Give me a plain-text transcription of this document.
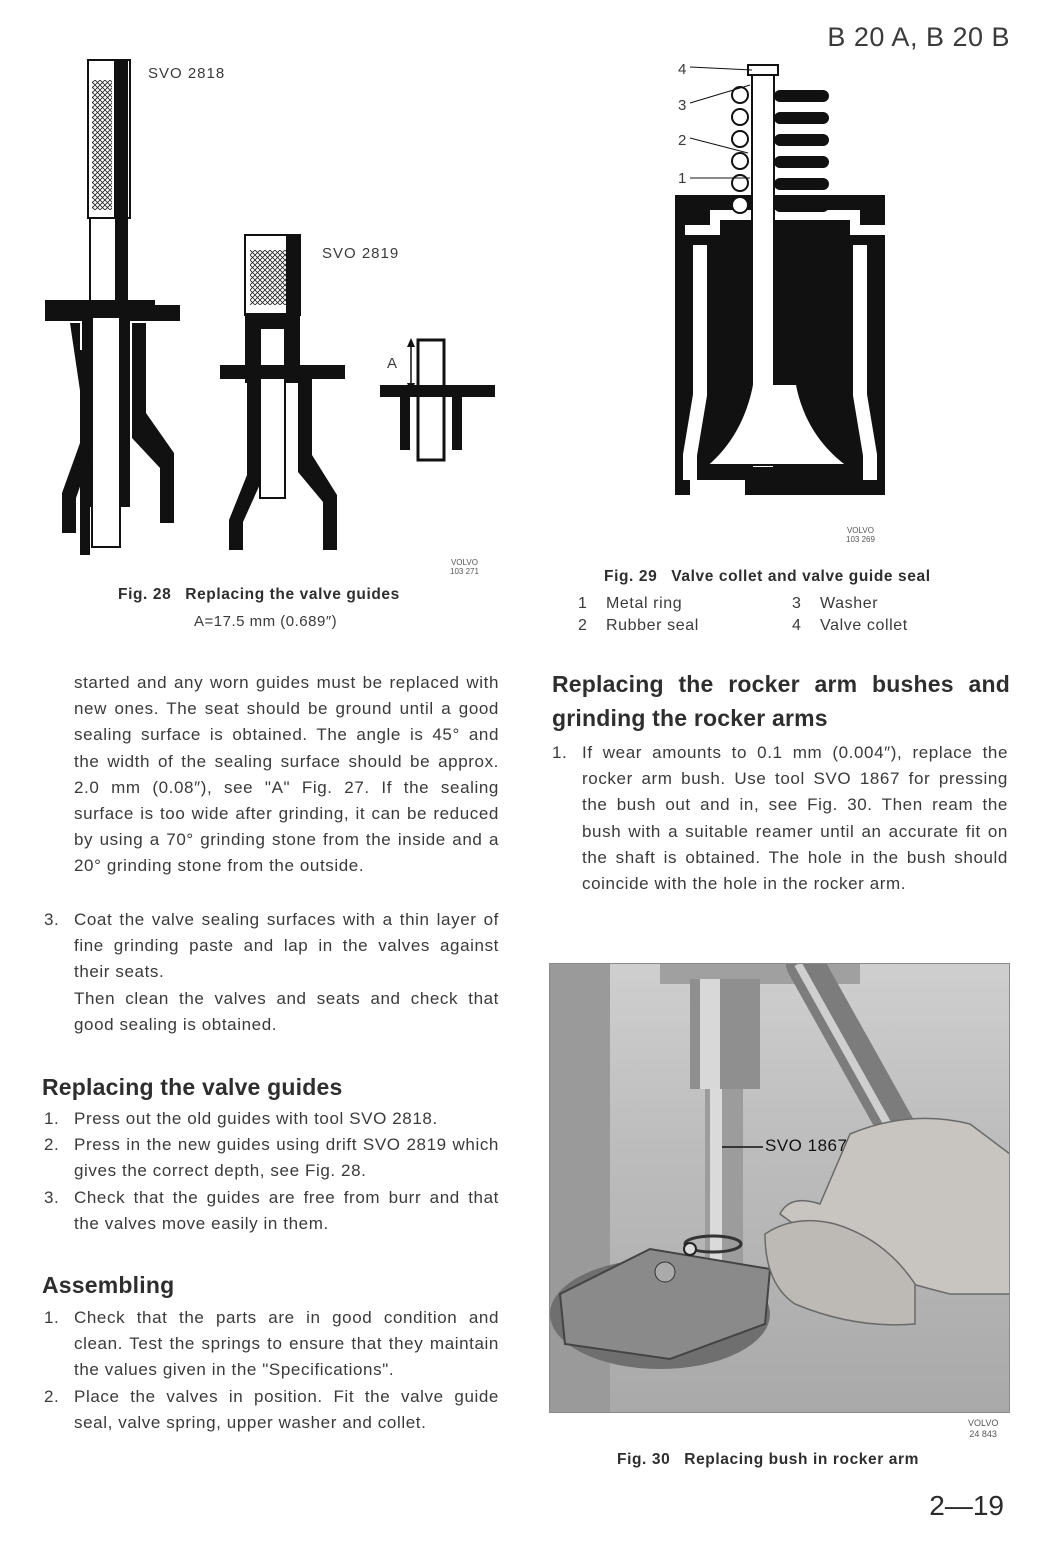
B 20 A, B 20 B
SVO 2818
SVO 2819
A
VOLVO
103 271
Fig. 28 Replacing the valve guides
A=17.5 mm (0.689″)
4
3
2
1
VOLVO
103 269
Fig. 29 Valve collet and valve guide seal
1	Metal ring	3	Washer
2	Rubber seal	4	Valve collet
started and any worn guides must be replaced with new ones. The seat should be ground until a good sealing surface is obtained. The angle is 45° and the width of the sealing surface should be approx. 2.0 mm (0.08″), see "A" Fig. 27. If the sealing surface is too wide after grinding, it can be reduced by using a 70° grinding stone from the inside and a 20° grinding stone from the outside.
3. Coat the valve sealing surfaces with a thin layer of fine grinding paste and lap in the valves against their seats.
Then clean the valves and seats and check that good sealing is obtained.
Replacing the valve guides
1. Press out the old guides with tool SVO 2818.
2. Press in the new guides using drift SVO 2819 which gives the correct depth, see Fig. 28.
3. Check that the guides are free from burr and that the valves move easily in them.
Assembling
1. Check that the parts are in good condition and clean. Test the springs to ensure that they maintain the values given in the "Specifications".
2. Place the valves in position. Fit the valve guide seal, valve spring, upper washer and collet.
Replacing the rocker arm bushes and grinding the rocker arms
1. If wear amounts to 0.1 mm (0.004″), replace the rocker arm bush. Use tool SVO 1867 for pressing the bush out and in, see Fig. 30. Then ream the bush with a suitable reamer until an accurate fit on the shaft is obtained. The hole in the bush should coincide with the hole in the rocker arm.
SVO 1867
VOLVO
24 843
Fig. 30 Replacing bush in rocker arm
2—19
